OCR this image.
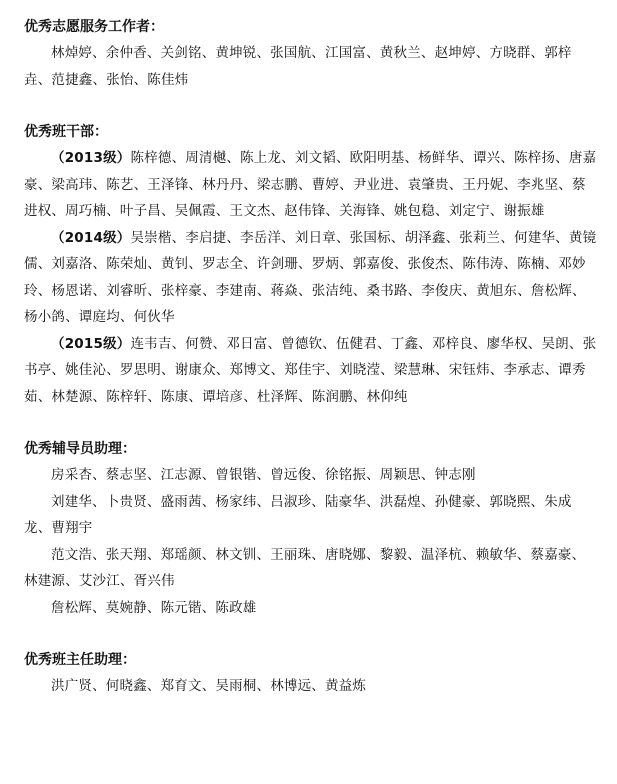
优秀志愿服务工作者：

林焯婷、余仲香、关剑铭、黄坤锐、张国航、江国富、黄秋兰、赵坤婷、方晓群、郭梓垚、范捷鑫、张怡、陈佳炜

优秀班干部：

（2013级）陈梓德、周清樾、陈上龙、刘文韬、欧阳明基、杨鲜华、谭兴、陈梓扬、唐嘉豪、梁高玮、陈艺、王泽锋、林丹丹、梁志鹏、曹婷、尹业进、袁肇贵、王丹妮、李兆坚、蔡进权、周巧楠、叶子昌、吴佩霞、王文杰、赵伟锋、关海锋、姚包稳、刘定宁、谢振雄

（2014级）吴崇楷、李启捷、李岳洋、刘日章、张国标、胡泽鑫、张莉兰、何建华、黄镜儒、刘嘉洛、陈荣灿、黄钊、罗志全、许剑珊、罗炳、郭嘉俊、张俊杰、陈伟涛、陈楠、邓妙玲、杨恩诺、刘睿昕、张梓豪、李建南、蒋焱、张洁纯、桑书路、李俊庆、黄旭东、詹松辉、杨小鸽、谭庭均、何伙华

（2015级）连韦吉、何赞、邓日富、曾德钦、伍健君、丁鑫、邓梓良、廖华权、吴朗、张书亭、姚佳沁、罗思明、谢康众、郑博文、郑佳宇、刘晓滢、梁慧琳、宋钰炜、李承志、谭秀茹、林楚源、陈梓轩、陈康、谭培彦、杜泽辉、陈润鹏、林仰纯

优秀辅导员助理：

房采杏、蔡志坚、江志源、曾银锴、曾远俊、徐铭振、周颖思、钟志刚

刘建华、卜贵贤、盛雨茜、杨家纬、吕淑珍、陆豪华、洪磊煌、孙健豪、郭晓熙、朱成龙、曹翔宇

范文浩、张天翔、郑瑶颜、林文钏、王丽珠、唐晓娜、黎毅、温泽杭、赖敏华、蔡嘉豪、林建源、艾沙江、胥兴伟

詹松辉、莫婉静、陈元锴、陈政雄

优秀班主任助理：

洪广贤、何晓鑫、郑育文、吴雨桐、林博远、黄益炼
